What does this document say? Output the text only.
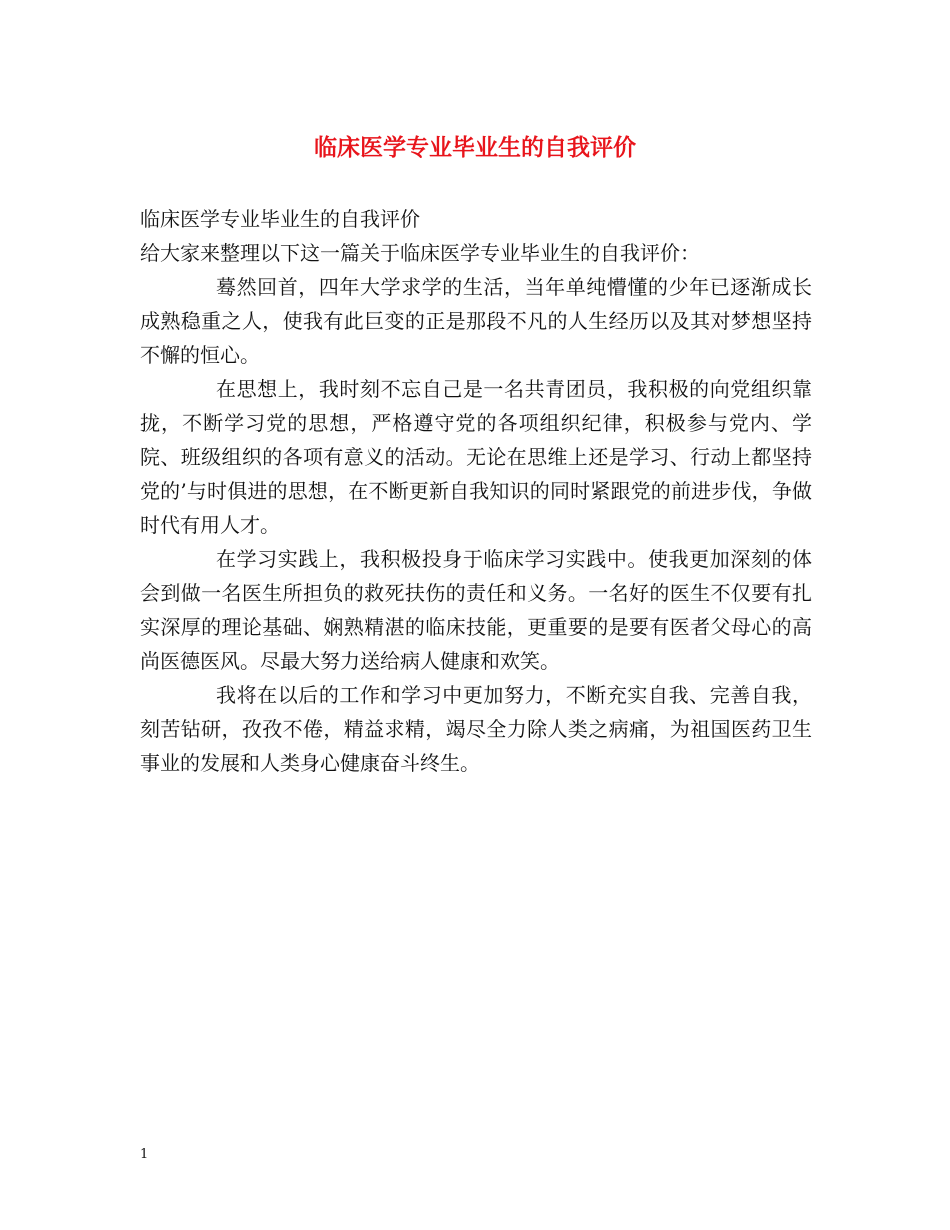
临床医学专业毕业生的自我评价

临床医学专业毕业生的自我评价

给大家来整理以下这一篇关于临床医学专业毕业生的自我评价：

蓦然回首，四年大学求学的生活，当年单纯懵懂的少年已逐渐成长成熟稳重之人，使我有此巨变的正是那段不凡的人生经历以及其对梦想坚持不懈的恒心。

在思想上，我时刻不忘自己是一名共青团员，我积极的向党组织靠拢，不断学习党的思想，严格遵守党的各项组织纪律，积极参与党内、学院、班级组织的各项有意义的活动。无论在思维上还是学习、行动上都坚持党的’与时俱进的思想，在不断更新自我知识的同时紧跟党的前进步伐，争做时代有用人才。

在学习实践上，我积极投身于临床学习实践中。使我更加深刻的体会到做一名医生所担负的救死扶伤的责任和义务。一名好的医生不仅要有扎实深厚的理论基础、娴熟精湛的临床技能，更重要的是要有医者父母心的高尚医德医风。尽最大努力送给病人健康和欢笑。

我将在以后的工作和学习中更加努力，不断充实自我、完善自我，刻苦钻研，孜孜不倦，精益求精，竭尽全力除人类之病痛，为祖国医药卫生事业的发展和人类身心健康奋斗终生。

1
